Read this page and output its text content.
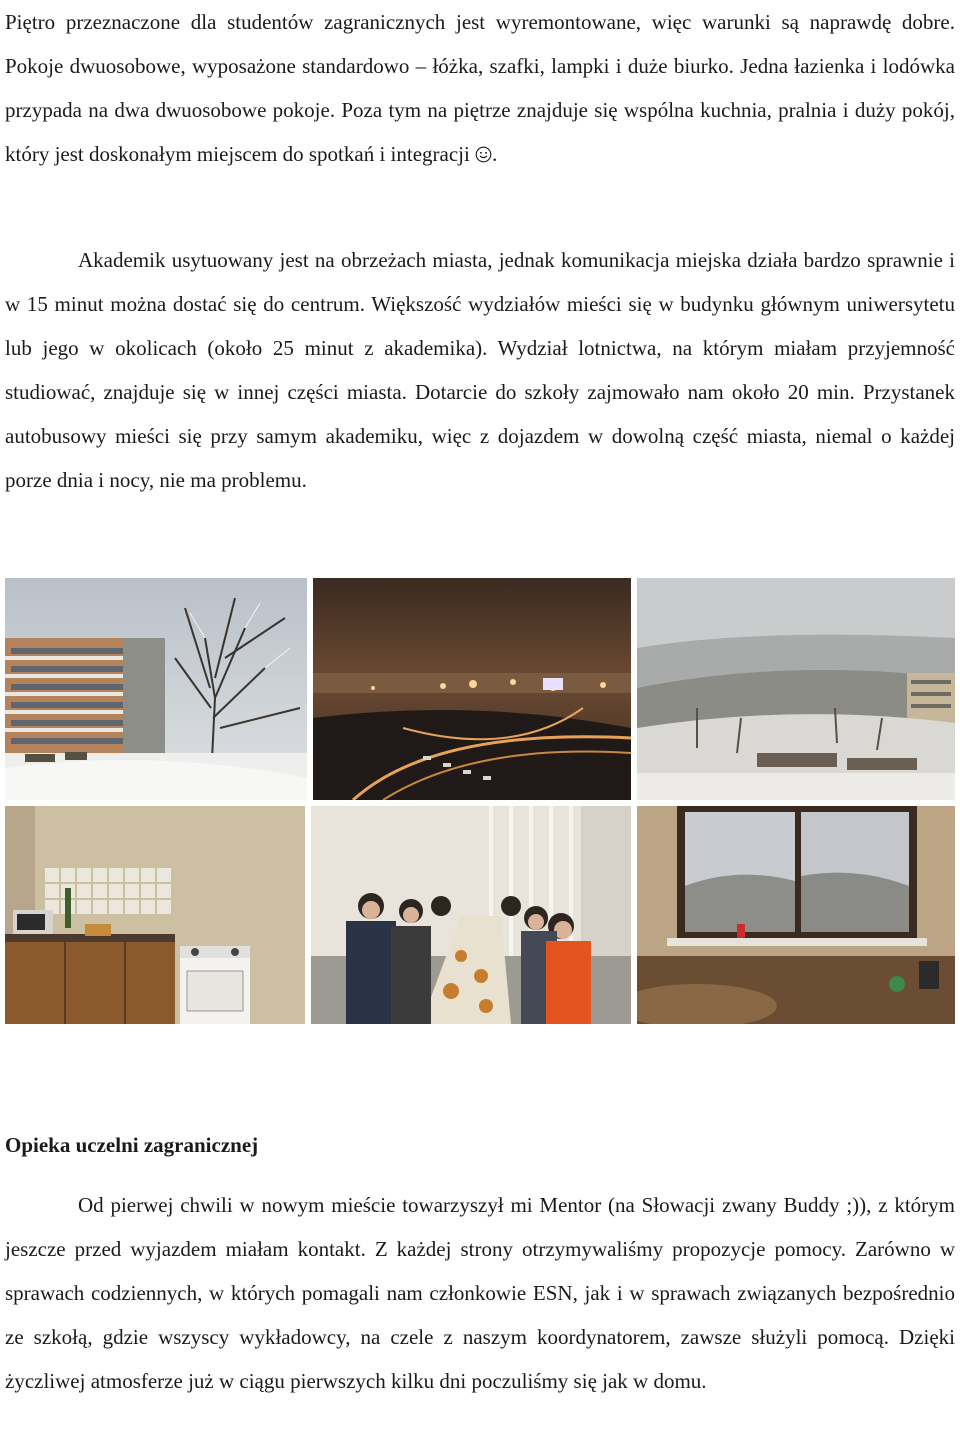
Piętro przeznaczone dla studentów zagranicznych jest wyremontowane, więc warunki są naprawdę dobre. Pokoje dwuosobowe, wyposażone standardowo – łóżka, szafki, lampki i duże biurko. Jedna łazienka i lodówka przypada na dwa dwuosobowe pokoje. Poza tym na piętrze znajduje się wspólna kuchnia, pralnia i duży pokój, który jest doskonałym miejscem do spotkań i integracji .

Akademik usytuowany jest na obrzeżach miasta, jednak komunikacja miejska działa bardzo sprawnie i w 15 minut można dostać się do centrum. Większość wydziałów mieści się w budynku głównym uniwersytetu lub jego w okolicach (około 25 minut z akademika). Wydział lotnictwa, na którym miałam przyjemność studiować, znajduje się w innej części miasta. Dotarcie do szkoły zajmowało nam około 20 min. Przystanek autobusowy mieści się przy samym akademiku, więc z dojazdem w dowolną część miasta, niemal o każdej porze dnia i nocy, nie ma problemu.

Opieka uczelni zagranicznej

Od pierwej chwili w nowym mieście towarzyszył mi Mentor (na Słowacji zwany Buddy ;)), z którym jeszcze przed wyjazdem miałam kontakt. Z każdej strony otrzymywaliśmy propozycje pomocy. Zarówno w sprawach codziennych, w których pomagali nam członkowie ESN, jak i w sprawach związanych bezpośrednio ze szkołą, gdzie wszyscy wykładowcy, na czele z naszym koordynatorem, zawsze służyli pomocą. Dzięki życzliwej atmosferze już w ciągu pierwszych kilku dni poczuliśmy się jak w domu.
